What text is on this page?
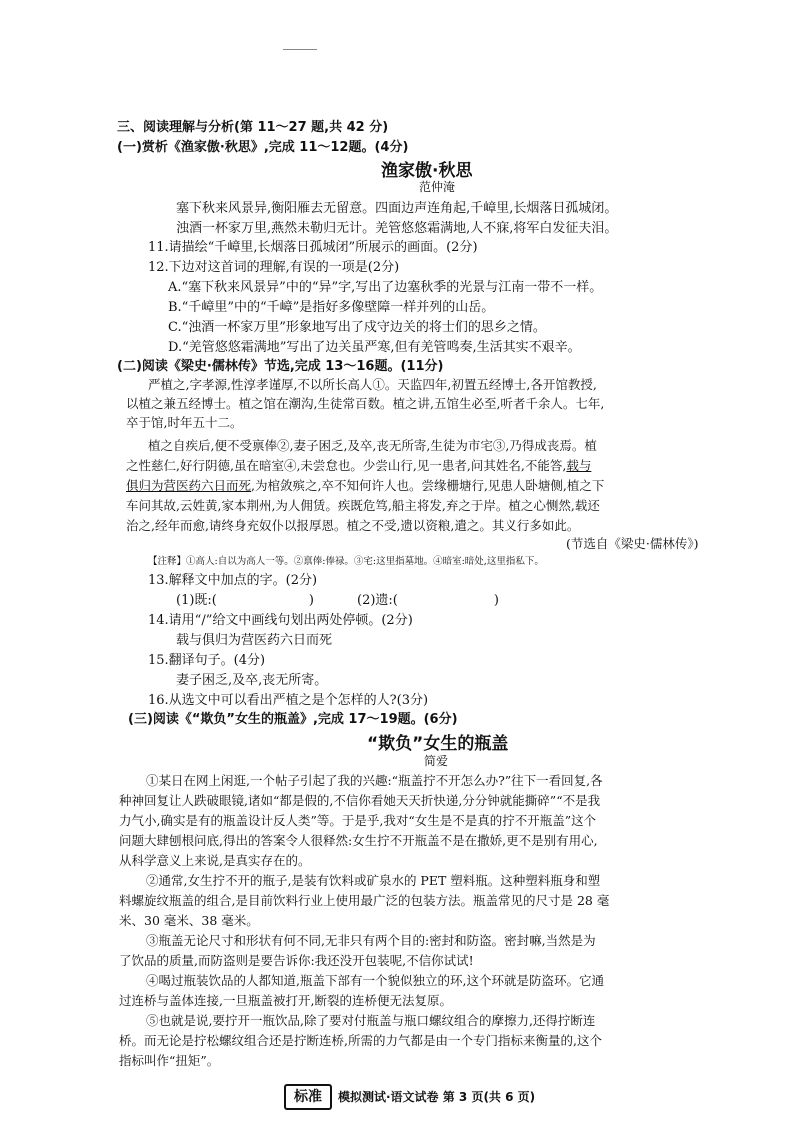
三、阅读理解与分析(第 11～27 题,共 42 分)
(一)赏析《渔家傲·秋思》,完成 11～12题。(4分)
渔家傲·秋思
范仲淹
塞下秋来风景异,衡阳雁去无留意。四面边声连角起,千嶂里,长烟落日孤城闭。
浊酒一杯家万里,燕然未勒归无计。羌管悠悠霜满地,人不寐,将军白发征夫泪。
11.请描绘“千嶂里,长烟落日孤城闭”所展示的画面。(2分)
12.下边对这首词的理解,有误的一项是(2分)
A.“塞下秋来风景异”中的“异”字,写出了边塞秋季的光景与江南一带不一样。
B.“千嶂里”中的“千嶂”是指好多像壁障一样并列的山岳。
C.“浊酒一杯家万里”形象地写出了戍守边关的将士们的思乡之情。
D.“羌管悠悠霜满地”写出了边关虽严寒,但有羌管鸣奏,生活其实不艰辛。
(二)阅读《梁史·儒林传》节选,完成 13～16题。(11分)
严植之,字孝源,性淳孝谨厚,不以所长高人①。天监四年,初置五经博士,各开馆教授,
以植之兼五经博士。植之馆在潮沟,生徒常百数。植之讲,五馆生必至,听者千余人。七年,
卒于馆,时年五十二。
植之自疾后,便不受禀俸②,妻子困乏,及卒,丧无所寄,生徒为市宅③,乃得成丧焉。植
之性慈仁,好行阴德,虽在暗室④,未尝怠也。少尝山行,见一患者,问其姓名,不能答,载与
俱归为营医药六日而死,为棺敛殡之,卒不知何许人也。尝缘栅塘行,见患人卧塘侧,植之下
车问其故,云姓黄,家本荆州,为人佣赁。疾既危笃,船主将发,弃之于岸。植之心恻然,载还
治之,经年而愈,请终身充奴仆以报厚恩。植之不受,遗以资粮,遣之。其义行多如此。
(节选自《梁史·儒林传》)
【注释】①高人:自以为高人一等。②禀俸:俸禄。③宅:这里指墓地。④暗室:暗处,这里指私下。
13.解释文中加点的字。(2分)
(1)既:(	)	(2)遗:(	)
14.请用“/”给文中画线句划出两处停顿。(2分)
载与俱归为营医药六日而死
15.翻译句子。(4分)
妻子困乏,及卒,丧无所寄。
16.从选文中可以看出严植之是个怎样的人?(3分)
(三)阅读《“欺负”女生的瓶盖》,完成 17～19题。(6分)
“欺负”女生的瓶盖
简爱
①某日在网上闲逛,一个帖子引起了我的兴趣:“瓶盖拧不开怎么办?”往下一看回复,各
种神回复让人跌破眼镜,诸如“都是假的,不信你看她天天折快递,分分钟就能撕碎”“不是我
力气小,确实是有的瓶盖设计反人类”等。于是乎,我对“女生是不是真的拧不开瓶盖”这个
问题大肆刨根问底,得出的答案令人很释然:女生拧不开瓶盖不是在撒娇,更不是别有用心,
从科学意义上来说,是真实存在的。
②通常,女生拧不开的瓶子,是装有饮料或矿泉水的 PET 塑料瓶。这种塑料瓶身和塑
料螺旋纹瓶盖的组合,是目前饮料行业上使用最广泛的包装方法。瓶盖常见的尺寸是 28 毫
米、30 毫米、38 毫米。
③瓶盖无论尺寸和形状有何不同,无非只有两个目的:密封和防盗。密封嘛,当然是为
了饮品的质量,而防盗则是要告诉你:我还没开包装呢,不信你试试!
④喝过瓶装饮品的人都知道,瓶盖下部有一个貌似独立的环,这个环就是防盗环。它通
过连桥与盖体连接,一旦瓶盖被打开,断裂的连桥便无法复原。
⑤也就是说,要拧开一瓶饮品,除了要对付瓶盖与瓶口螺纹组合的摩擦力,还得拧断连
桥。而无论是拧松螺纹组合还是拧断连桥,所需的力气都是由一个专门指标来衡量的,这个
指标叫作“扭矩”。
标准	模拟测试·语文试卷 第 3 页(共 6 页)
